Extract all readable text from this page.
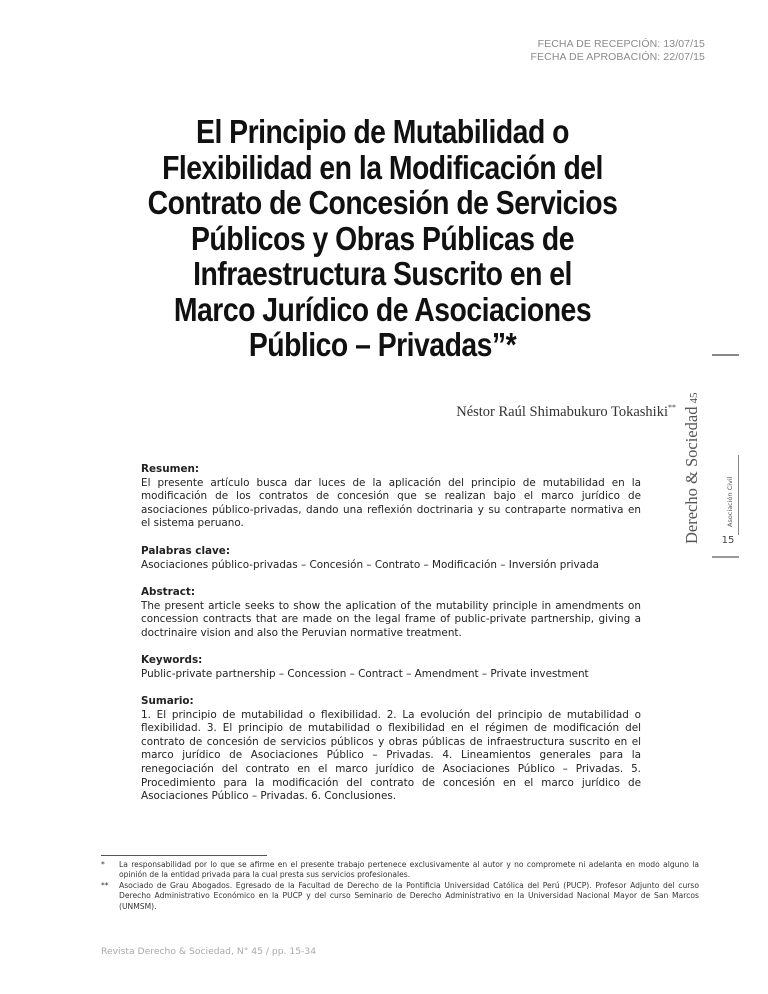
FECHA DE RECEPCIÓN: 13/07/15
FECHA DE APROBACIÓN: 22/07/15
El Principio de Mutabilidad o
Flexibilidad en la Modificación del
Contrato de Concesión de Servicios
Públicos y Obras Públicas de
Infraestructura Suscrito en el
Marco Jurídico de Asociaciones
Público – Privadas”*
Néstor Raúl Shimabukuro Tokashiki** Derecho & Sociedad45
Asociación Civil
15
Resumen:
El presente artículo busca dar luces de la aplicación del principio de mutabilidad en la modificación de los contratos de concesión que se realizan bajo el marco jurídico de asociaciones público-privadas, dando una reflexión doctrinaria y su contraparte normativa en el sistema peruano.
Palabras clave:
Asociaciones público-privadas – Concesión – Contrato – Modificación – Inversión privada
Abstract:
The present article seeks to show the aplication of the mutability principle in amendments on concession contracts that are made on the legal frame of public-private partnership, giving a doctrinaire vision and also the Peruvian normative treatment.
Keywords:
Public-private partnership – Concession – Contract – Amendment – Private investment
Sumario:
1. El principio de mutabilidad o flexibilidad. 2. La evolución del principio de mutabilidad o flexibilidad. 3. El principio de mutabilidad o flexibilidad en el régimen de modificación del contrato de concesión de servicios públicos y obras públicas de infraestructura suscrito en el marco jurídico de Asociaciones Público – Privadas. 4. Lineamientos generales para la renegociación del contrato en el marco jurídico de Asociaciones Público – Privadas. 5. Procedimiento para la modificación del contrato de concesión en el marco jurídico de Asociaciones Público – Privadas. 6. Conclusiones.
*	La responsabilidad por lo que se afirme en el presente trabajo pertenece exclusivamente al autor y no compromete ni adelanta en modo alguno la opinión de la entidad privada para la cual presta sus servicios profesionales.
**	Asociado de Grau Abogados. Egresado de la Facultad de Derecho de la Pontificia Universidad Católica del Perú (PUCP). Profesor Adjunto del curso Derecho Administrativo Económico en la PUCP y del curso Seminario de Derecho Administrativo en la Universidad Nacional Mayor de San Marcos (UNMSM).
Revista Derecho & Sociedad, N° 45 / pp. 15-34
